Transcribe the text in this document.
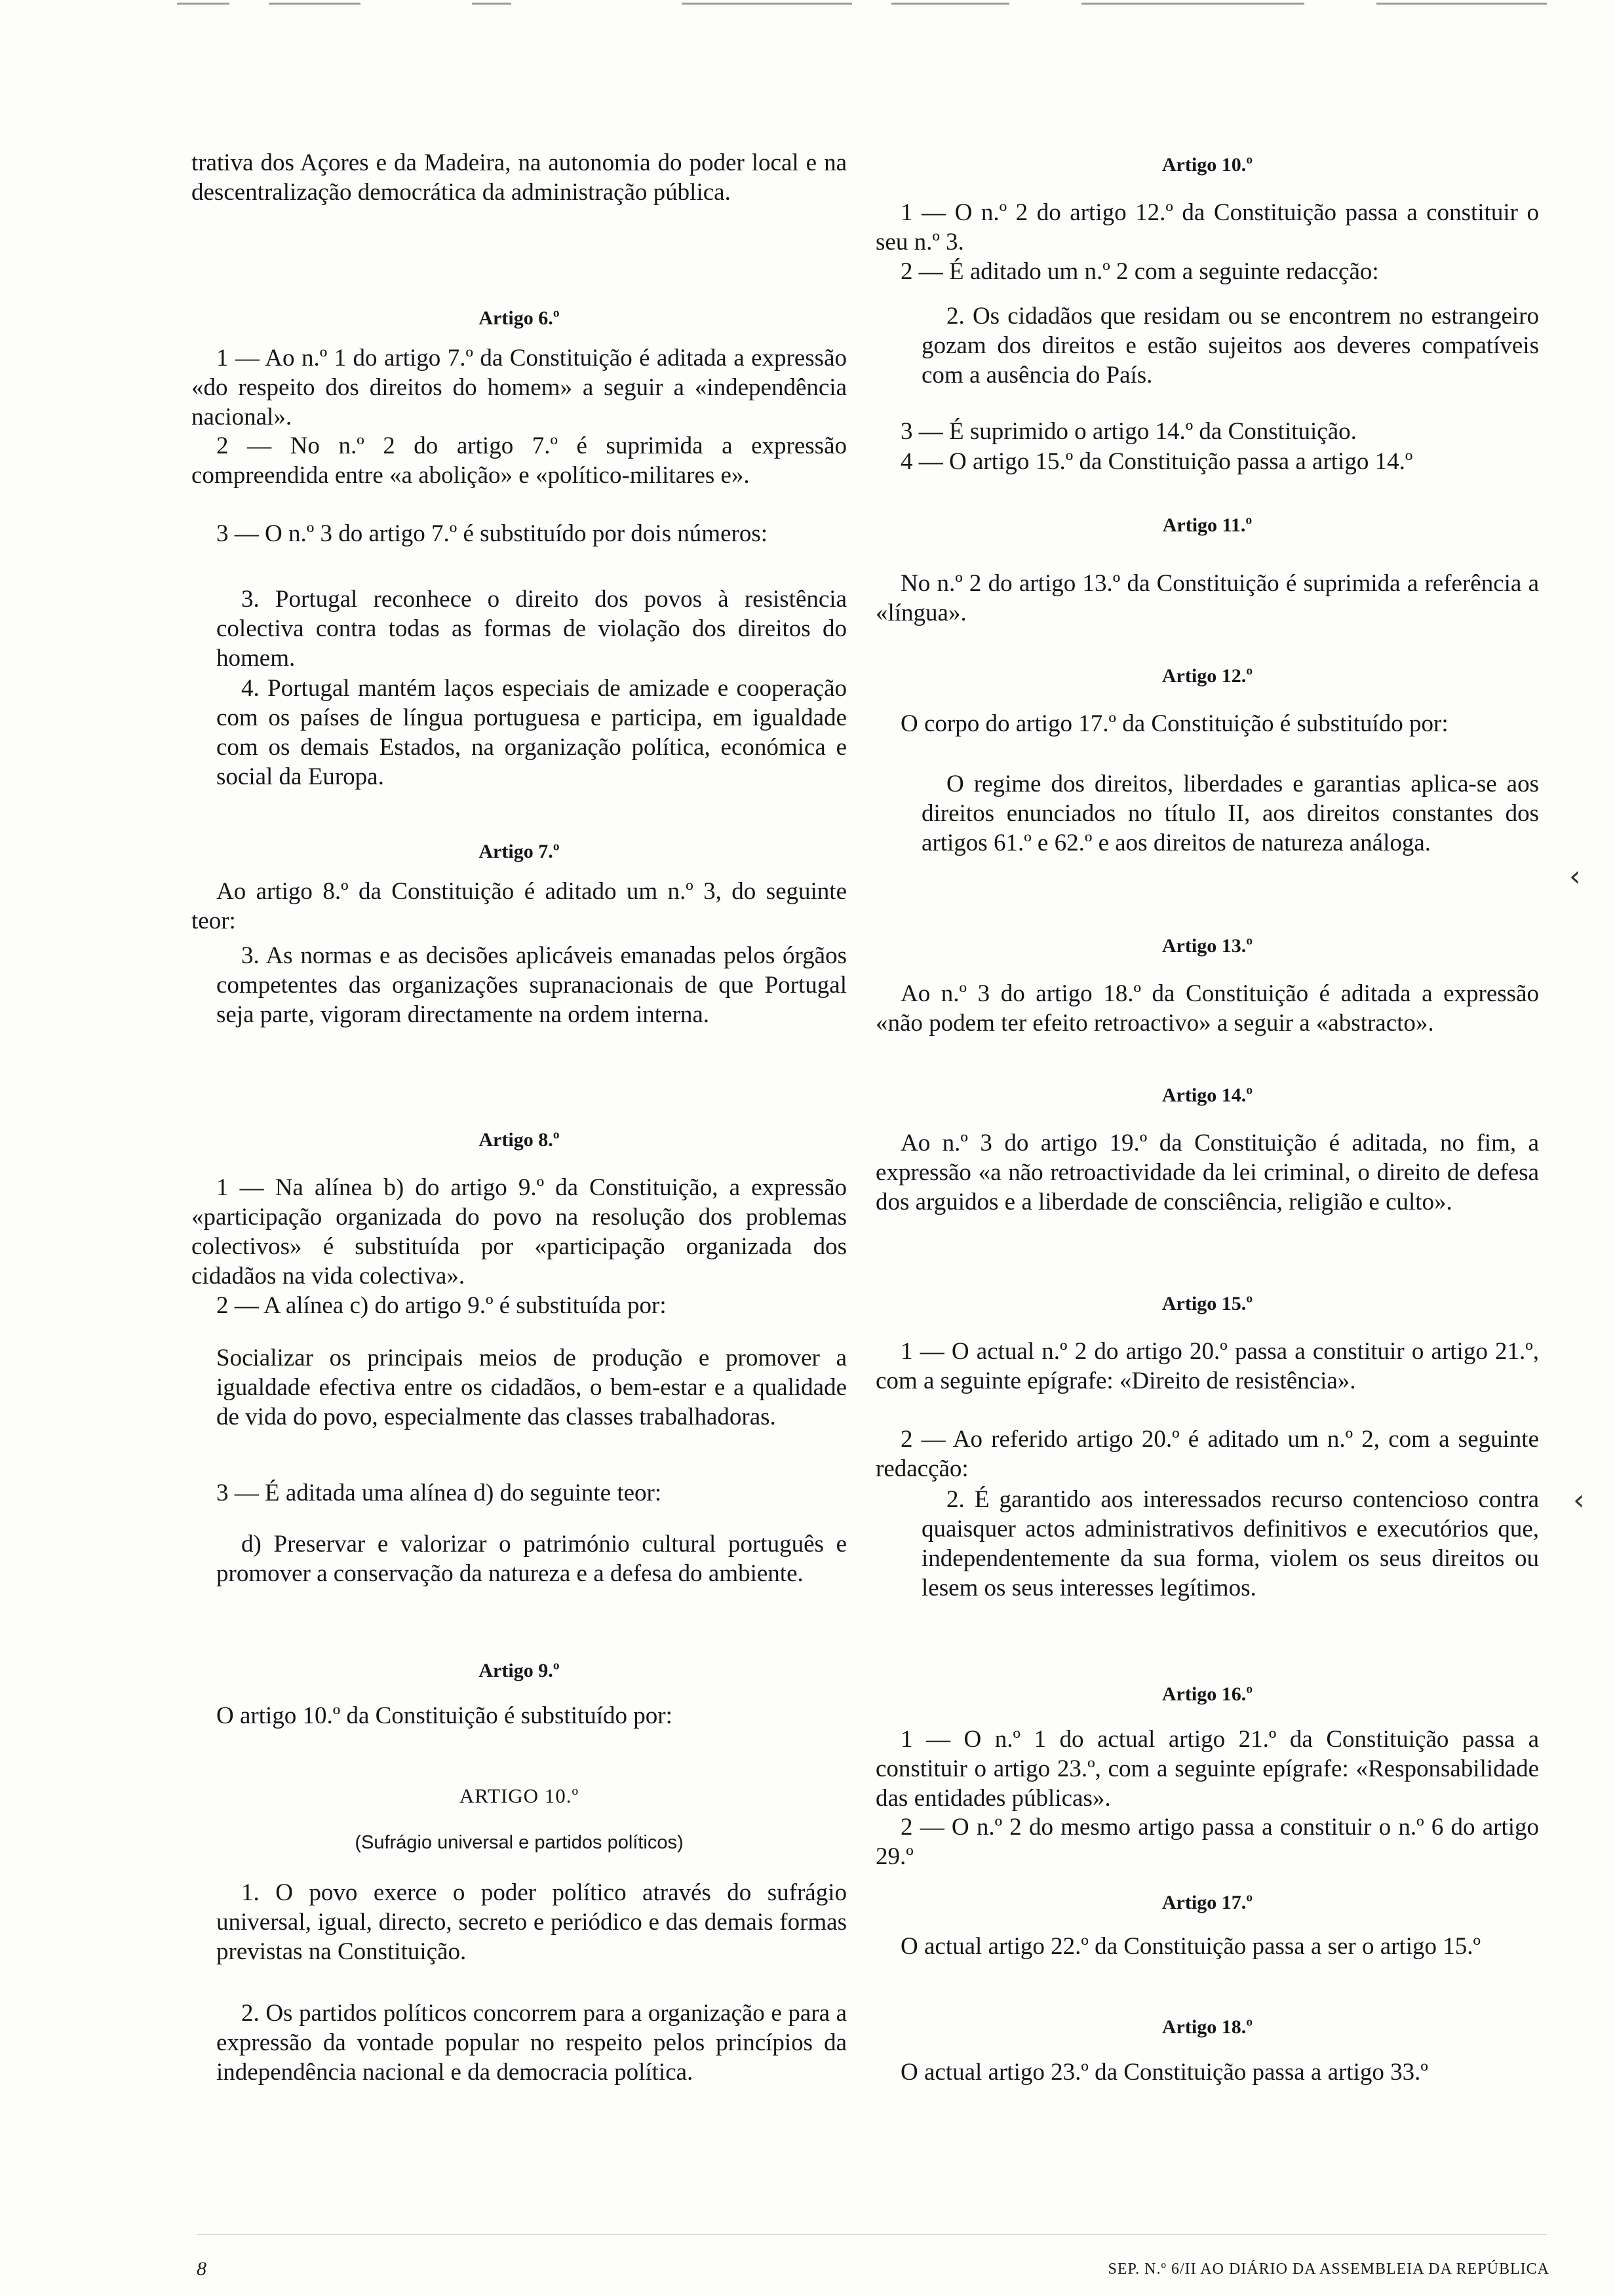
trativa dos Açores e da Madeira, na autonomia do poder local e na descentralização democrática da administração pública.

Artigo 6.º

1 — Ao n.º 1 do artigo 7.º da Constituição é aditada a expressão «do respeito dos direitos do homem» a seguir a «independência nacional».

2 — No n.º 2 do artigo 7.º é suprimida a expressão compreendida entre «a abolição» e «político-militares e».

3 — O n.º 3 do artigo 7.º é substituído por dois números:

3. Portugal reconhece o direito dos povos à resistência colectiva contra todas as formas de violação dos direitos do homem.

4. Portugal mantém laços especiais de amizade e cooperação com os países de língua portuguesa e participa, em igualdade com os demais Estados, na organização política, económica e social da Europa.

Artigo 7.º

Ao artigo 8.º da Constituição é aditado um n.º 3, do seguinte teor:

3. As normas e as decisões aplicáveis emanadas pelos órgãos competentes das organizações supranacionais de que Portugal seja parte, vigoram directamente na ordem interna.

Artigo 8.º

1 — Na alínea b) do artigo 9.º da Constituição, a expressão «participação organizada do povo na resolução dos problemas colectivos» é substituída por «participação organizada dos cidadãos na vida colectiva».

2 — A alínea c) do artigo 9.º é substituída por:

Socializar os principais meios de produção e promover a igualdade efectiva entre os cidadãos, o bem-estar e a qualidade de vida do povo, especialmente das classes trabalhadoras.

3 — É aditada uma alínea d) do seguinte teor:

d) Preservar e valorizar o património cultural português e promover a conservação da natureza e a defesa do ambiente.

Artigo 9.º

O artigo 10.º da Constituição é substituído por:

ARTIGO 10.º

(Sufrágio universal e partidos políticos)

1. O povo exerce o poder político através do sufrágio universal, igual, directo, secreto e periódico e das demais formas previstas na Constituição.

2. Os partidos políticos concorrem para a organização e para a expressão da vontade popular no respeito pelos princípios da independência nacional e da democracia política.

Artigo 10.º

1 — O n.º 2 do artigo 12.º da Constituição passa a constituir o seu n.º 3.

2 — É aditado um n.º 2 com a seguinte redacção:

2. Os cidadãos que residam ou se encontrem no estrangeiro gozam dos direitos e estão sujeitos aos deveres compatíveis com a ausência do País.

3 — É suprimido o artigo 14.º da Constituição.

4 — O artigo 15.º da Constituição passa a artigo 14.º

Artigo 11.º

No n.º 2 do artigo 13.º da Constituição é suprimida a referência a «língua».

Artigo 12.º

O corpo do artigo 17.º da Constituição é substituído por:

O regime dos direitos, liberdades e garantias aplica-se aos direitos enunciados no título II, aos direitos constantes dos artigos 61.º e 62.º e aos direitos de natureza análoga.

Artigo 13.º

Ao n.º 3 do artigo 18.º da Constituição é aditada a expressão «não podem ter efeito retroactivo» a seguir a «abstracto».

Artigo 14.º

Ao n.º 3 do artigo 19.º da Constituição é aditada, no fim, a expressão «a não retroactividade da lei criminal, o direito de defesa dos arguidos e a liberdade de consciência, religião e culto».

Artigo 15.º

1 — O actual n.º 2 do artigo 20.º passa a constituir o artigo 21.º, com a seguinte epígrafe: «Direito de resistência».

2 — Ao referido artigo 20.º é aditado um n.º 2, com a seguinte redacção:

2. É garantido aos interessados recurso contencioso contra quaisquer actos administrativos definitivos e executórios que, independentemente da sua forma, violem os seus direitos ou lesem os seus interesses legítimos.

Artigo 16.º

1 — O n.º 1 do actual artigo 21.º da Constituição passa a constituir o artigo 23.º, com a seguinte epígrafe: «Responsabilidade das entidades públicas».

2 — O n.º 2 do mesmo artigo passa a constituir o n.º 6 do artigo 29.º

Artigo 17.º

O actual artigo 22.º da Constituição passa a ser o artigo 15.º

Artigo 18.º

O actual artigo 23.º da Constituição passa a artigo 33.º

‹
‹
8	SEP. N.º 6/II AO DIÁRIO DA ASSEMBLEIA DA REPÚBLICA
